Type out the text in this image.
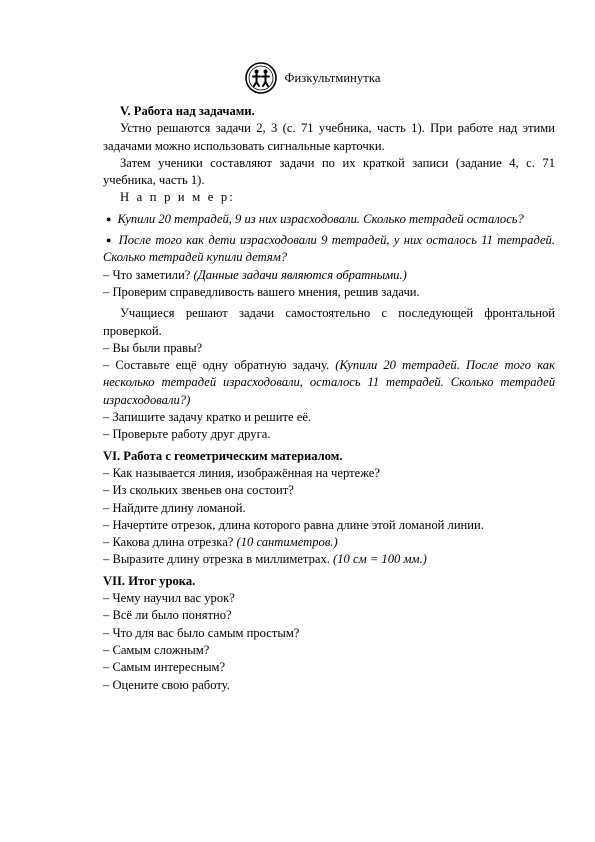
Физкультминутка

V. Работа над задачами.

Устно решаются задачи 2, 3 (с. 71 учебника, часть 1). При работе над этими задачами можно использовать сигнальные карточки.

Затем ученики составляют задачи по их краткой записи (задание 4, с. 71 учебника, часть 1).

Н а п р и м е р:

● Купили 20 тетрадей, 9 из них израсходовали. Сколько тетрадей осталось?

● После того как дети израсходовали 9 тетрадей, у них осталось 11 тетрадей. Сколько тетрадей купили детям?

– Что заметили? (Данные задачи являются обратными.)

– Проверим справедливость вашего мнения, решив задачи.

Учащиеся решают задачи самостоятельно с последующей фронтальной проверкой.

– Вы были правы?

– Составьте ещё одну обратную задачу. (Купили 20 тетрадей. После того как несколько тетрадей израсходовали, осталось 11 тетрадей. Сколько тетрадей израсходовали?)

– Запишите задачу кратко и решите её.

– Проверьте работу друг друга.

VI. Работа с геометрическим материалом.

– Как называется линия, изображённая на чертеже?

– Из скольких звеньев она состоит?

– Найдите длину ломаной.

– Начертите отрезок, длина которого равна длине этой ломаной линии.

– Какова длина отрезка? (10 сантиметров.)

– Выразите длину отрезка в миллиметрах. (10 см = 100 мм.)

VII. Итог урока.

– Чему научил вас урок?

– Всё ли было понятно?

– Что для вас было самым простым?

– Самым сложным?

– Самым интересным?

– Оцените свою работу.
